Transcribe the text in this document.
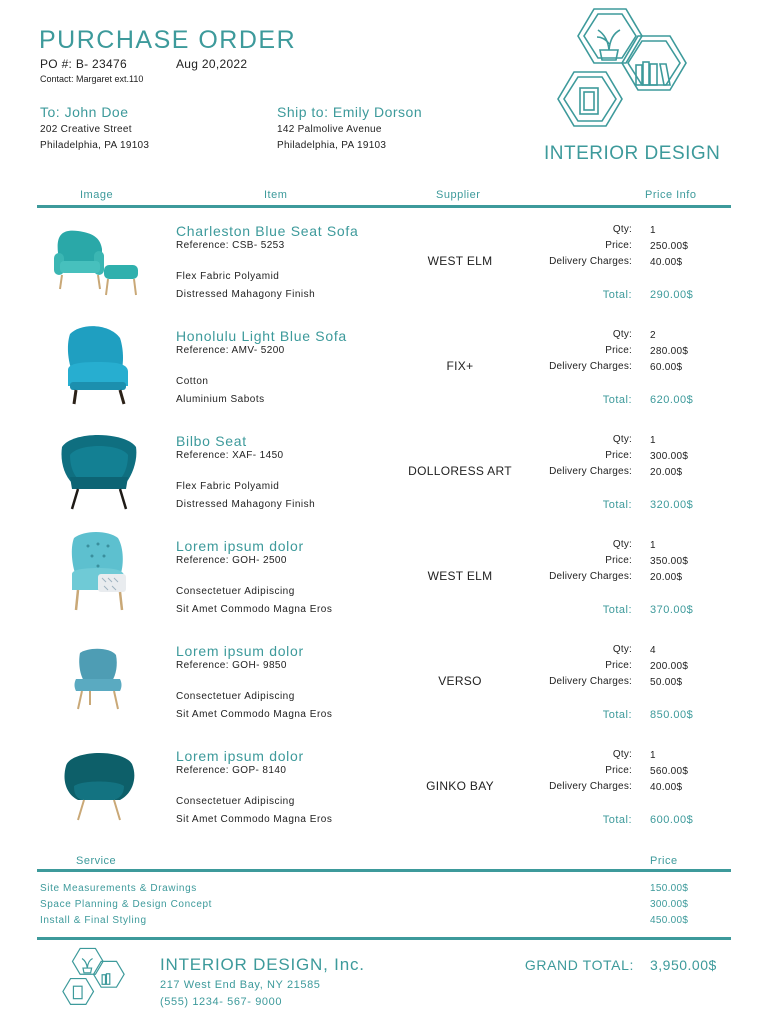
PURCHASE ORDER
PO #: B- 23476	Aug 20,2022
Contact: Margaret ext.110
To: John Doe
202 Creative Street
Philadelphia, PA 19103
Ship to: Emily Dorson
142 Palmolive Avenue
Philadelphia, PA 19103	INTERIOR DESIGN
Image	Item	Supplier	Price Info
Charleston Blue Seat Sofa
Reference: CSB- 5253
Flex Fabric Polyamid
Distressed Mahagony Finish
WEST ELM
Qty: 1
Price: 250.00$
Delivery Charges: 40.00$
Total: 290.00$
Honolulu Light Blue Sofa
Reference: AMV- 5200
Cotton
Aluminium Sabots
FIX+
Qty: 2
Price: 280.00$
Delivery Charges: 60.00$
Total: 620.00$
Bilbo Seat
Reference: XAF- 1450
Flex Fabric Polyamid
Distressed Mahagony Finish
DOLLORESS ART
Qty: 1
Price: 300.00$
Delivery Charges: 20.00$
Total: 320.00$
Lorem ipsum dolor
Reference: GOH- 2500
Consectetuer Adipiscing
Sit Amet Commodo Magna Eros
WEST ELM
Qty: 1
Price: 350.00$
Delivery Charges: 20.00$
Total: 370.00$
Lorem ipsum dolor
Reference: GOH- 9850
Consectetuer Adipiscing
Sit Amet Commodo Magna Eros
VERSO
Qty: 4
Price: 200.00$
Delivery Charges: 50.00$
Total: 850.00$
Lorem ipsum dolor
Reference: GOP- 8140
Consectetuer Adipiscing
Sit Amet Commodo Magna Eros
GINKO BAY
Qty: 1
Price: 560.00$
Delivery Charges: 40.00$
Total: 600.00$
Service	Price
Site Measurements & Drawings	150.00$
Space Planning & Design Concept	300.00$
Install & Final Styling	450.00$
INTERIOR DESIGN, Inc.
217 West End Bay, NY 21585
(555) 1234- 567- 9000
GRAND TOTAL: 3,950.00$
